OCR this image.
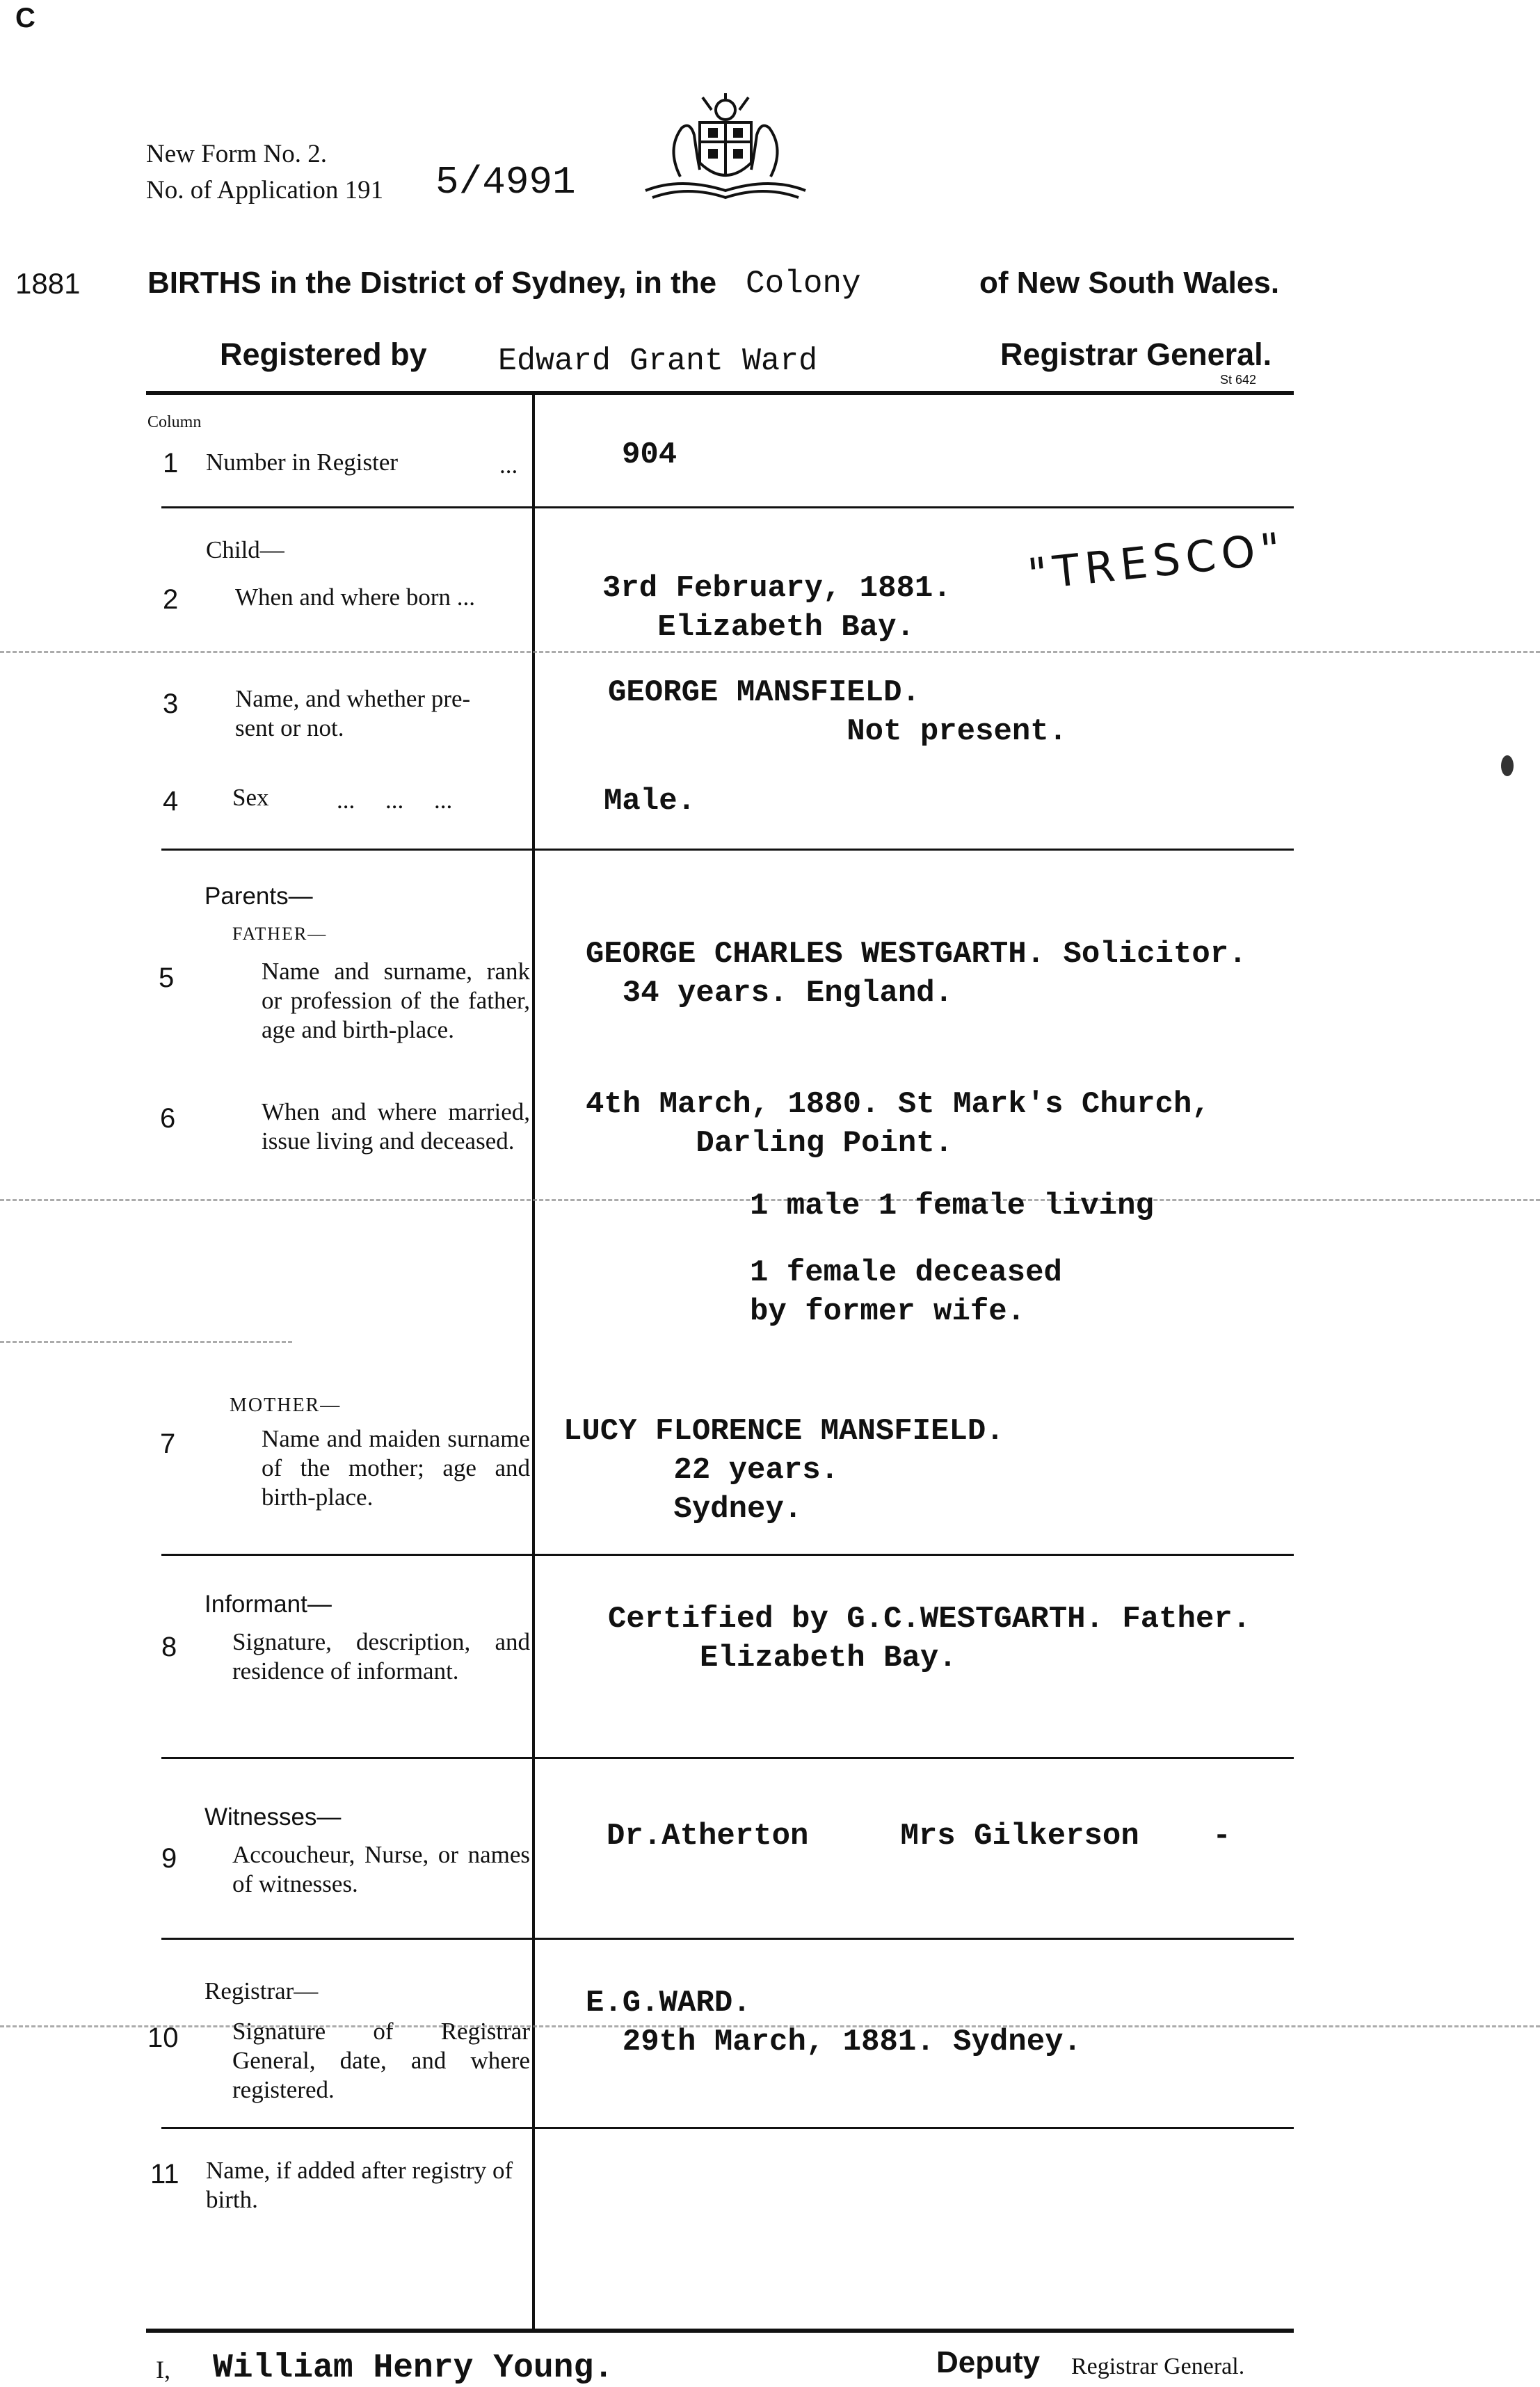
C
New Form No. 2.
No. of Application 191 5/4991
1881 BIRTHS in the District of Sydney, in the Colony	of New South Wales.
Registered by Edward Grant Ward	Registrar General.
St 642
Column
1 Number in Register	...	904
Child—
2 When and where born ...	3rd February, 1881.
Elizabeth Bay.
"TRESCO"
3 Name, and whether pre-
sent or not.
GEORGE MANSFIELD.
Not present.
4 Sex	...     ...     ...	Male.
Parents—
FATHER—
5	Name and surname, rank or profession of the father, age and birth-place.
GEORGE CHARLES WESTGARTH. Solicitor.
34 years. England.
6	When and where married, issue living and deceased.
4th March, 1880. St Mark's Church,
Darling Point.
1 male 1 female living
1 female deceased
by former wife.
MOTHER—
7	Name and maiden surname of the mother; age and birth-place.
LUCY FLORENCE MANSFIELD.
22 years.
Sydney.
Informant—
8 Signature, description, and residence of informant.
Certified by G.C.WESTGARTH. Father.
Elizabeth Bay.
Witnesses—
9 Accoucheur, Nurse, or names of witnesses.
Dr.Atherton     Mrs Gilkerson    -
Registrar—
10 Signature of Registrar General, date, and where registered.
E.G.WARD.
29th March, 1881. Sydney.
11 Name, if added after registry of birth.
I, William Henry Young.	Deputy Registrar General.
